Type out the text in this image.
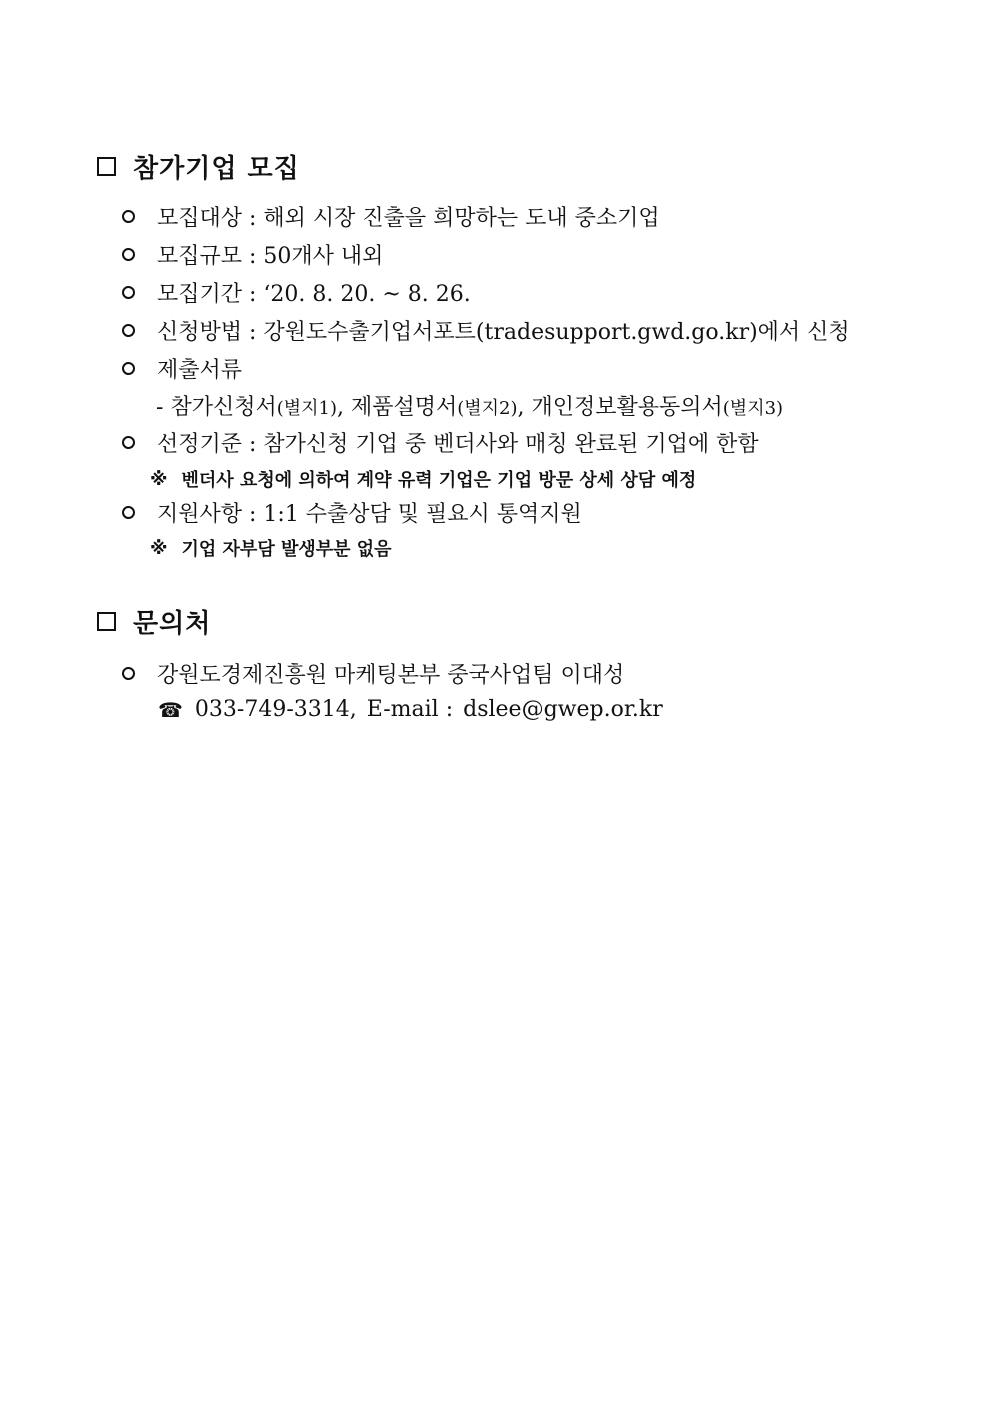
참가기업 모집
모집대상 : 해외 시장 진출을 희망하는 도내 중소기업
모집규모 : 50개사 내외
모집기간 : ‘20. 8. 20. ~ 8. 26.
신청방법 : 강원도수출기업서포트(tradesupport.gwd.go.kr)에서 신청
제출서류
- 참가신청서(별지1), 제품설명서(별지2), 개인정보활용동의서(별지3)
선정기준 : 참가신청 기업 중 벤더사와 매칭 완료된 기업에 한함
※ 벤더사 요청에 의하여 계약 유력 기업은 기업 방문 상세 상담 예정
지원사항 : 1:1 수출상담 및 필요시 통역지원
※ 기업 자부담 발생부분 없음
문의처
강원도경제진흥원 마케팅본부 중국사업팀 이대성
☎ 033-749-3314, E-mail : dslee@gwep.or.kr
